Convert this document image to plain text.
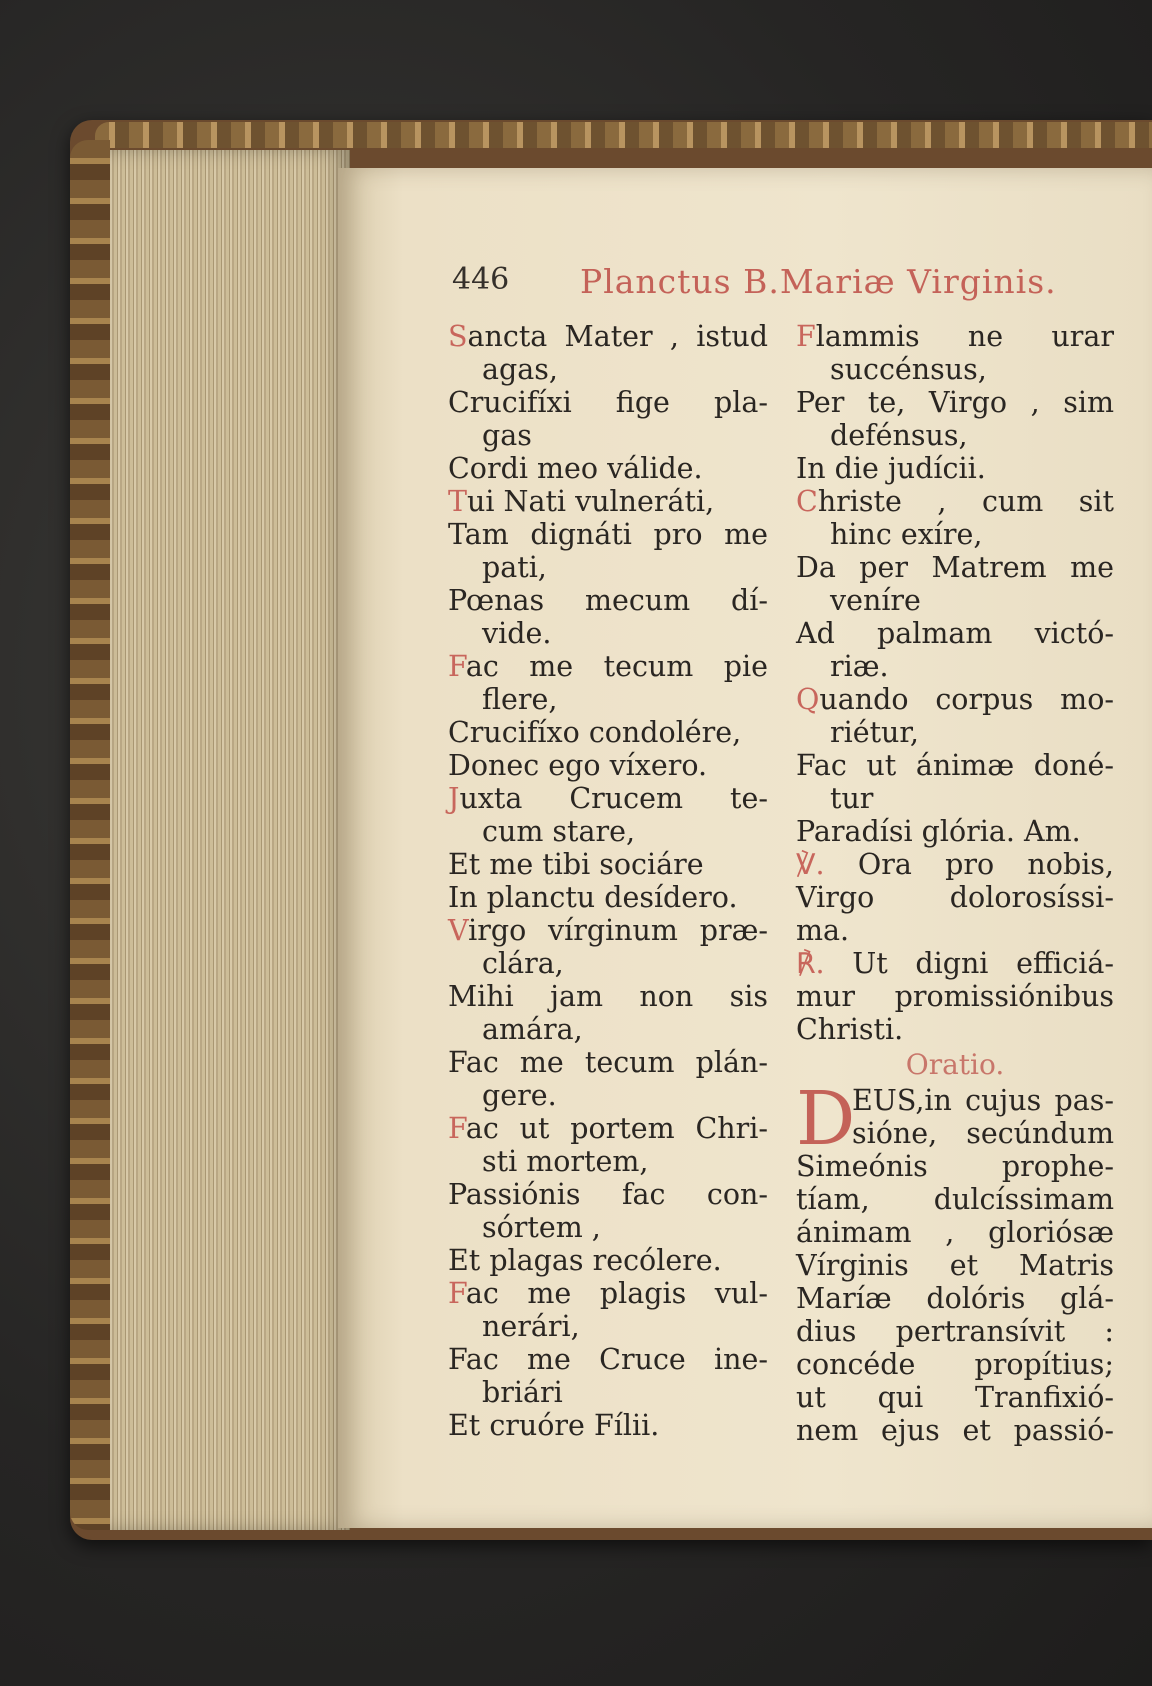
446 Planctus B.Mariæ Virginis.
Sancta Mater , istud
agas,
Crucifíxi fige pla-
gas
Cordi meo válide.
Tui Nati vulneráti,
Tam dignáti pro me
pati,
Pœnas mecum dí-
vide.
Fac me tecum pie
flere,
Crucifíxo condolére,
Donec ego víxero.
Juxta Crucem te-
cum stare,
Et me tibi sociáre
In planctu desídero.
Virgo vírginum præ-
clára,
Mihi jam non sis
amára,
Fac me tecum plán-
gere.
Fac ut portem Chri-
sti mortem,
Passiónis fac con-
sórtem ,
Et plagas recólere.
Fac me plagis vul-
nerári,
Fac me Cruce ine-
briári
Et cruóre Fílii.
Flammis ne urar
succénsus,
Per te, Virgo , sim
defénsus,
In die judícii.
Christe , cum sit
hinc exíre,
Da per Matrem me
veníre
Ad palmam victó-
riæ.
Quando corpus mo-
riétur,
Fac ut ánimæ doné-
tur
Paradísi glória. Am.
℣. Ora pro nobis,
Virgo dolorosíssi-
ma.
℟. Ut digni efficiá-
mur promissiónibus
Christi.
Oratio.
EUS,in cujus pas-
sióne, secúndum
Simeónis prophe-
tíam, dulcíssimam
ánimam , gloriósæ
Vírginis et Matris
Maríæ dolóris glá-
dius pertransívit :
concéde propítius;
ut qui Tranfixió-
nem ejus et passió-
D
